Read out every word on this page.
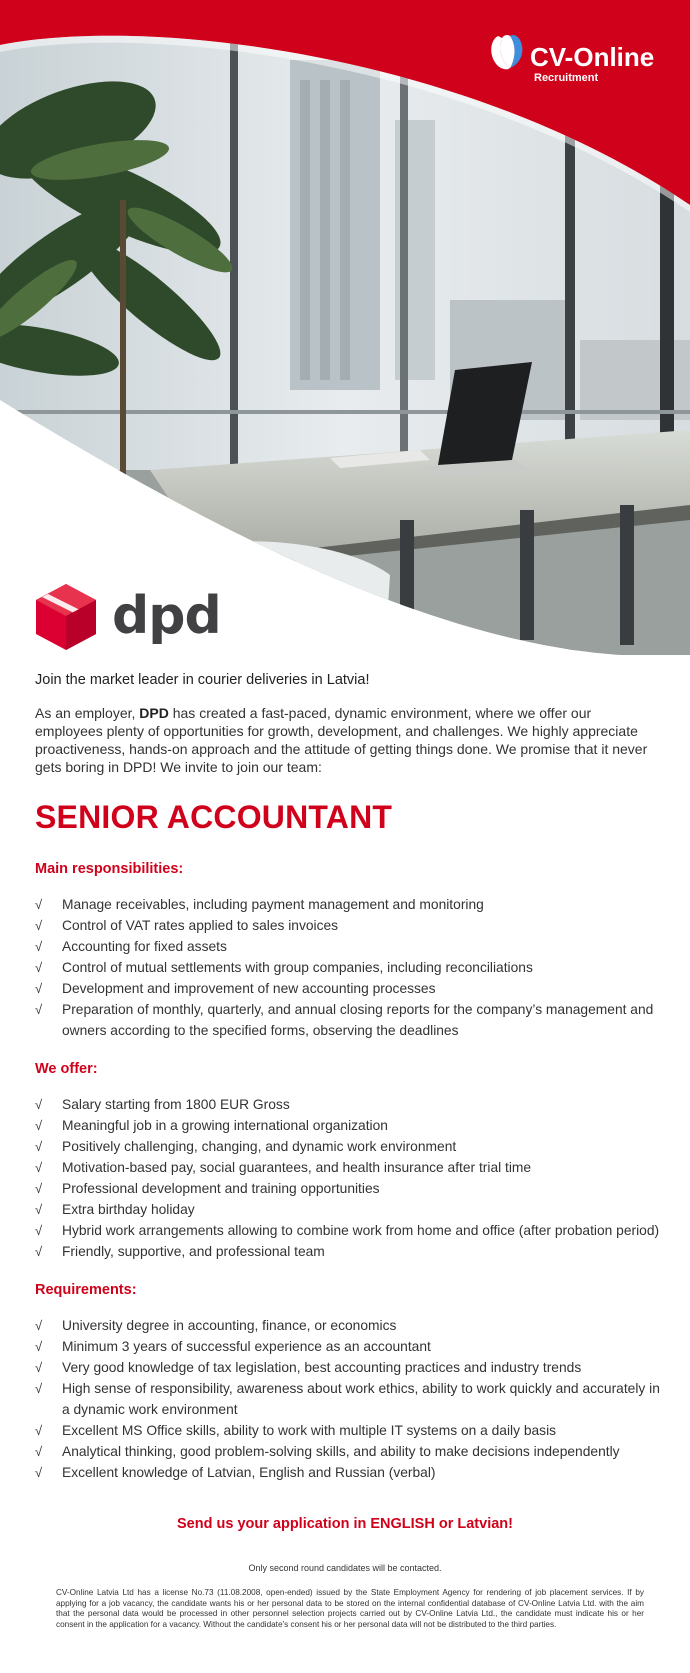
CV-Online
Recruitment
dpd

Join the market leader in courier deliveries in Latvia!

As an employer, DPD has created a fast-paced, dynamic environment, where we offer our employees plenty of opportunities for growth, development, and challenges. We highly appreciate proactiveness, hands-on approach and the attitude of getting things done. We promise that it never gets boring in DPD! We invite to join our team:

SENIOR ACCOUNTANT
Main responsibilities:
√	Manage receivables, including payment management and monitoring
√	Control of VAT rates applied to sales invoices
√	Accounting for fixed assets
√	Control of mutual settlements with group companies, including reconciliations
√	Development and improvement of new accounting processes
√	Preparation of monthly, quarterly, and annual closing reports for the company’s management and owners according to the specified forms, observing the deadlines
We offer:
√	Salary starting from 1800 EUR Gross
√	Meaningful job in a growing international organization
√	Positively challenging, changing, and dynamic work environment
√	Motivation-based pay, social guarantees, and health insurance after trial time
√	Professional development and training opportunities
√	Extra birthday holiday
√	Hybrid work arrangements allowing to combine work from home and office (after probation period)
√	Friendly, supportive, and professional team
Requirements:
√	University degree in accounting, finance, or economics
√	Minimum 3 years of successful experience as an accountant
√	Very good knowledge of tax legislation, best accounting practices and industry trends
√	High sense of responsibility, awareness about work ethics, ability to work quickly and accurately in a dynamic work environment
√	Excellent MS Office skills, ability to work with multiple IT systems on a daily basis
√	Analytical thinking, good problem-solving skills, and ability to make decisions independently
√	Excellent knowledge of Latvian, English and Russian (verbal)
Send us your application in ENGLISH or Latvian!
Only second round candidates will be contacted.
CV-Online Latvia Ltd has a license No.73 (11.08.2008, open-ended) issued by the State Employment Agency for rendering of job placement services. If by applying for a job vacancy, the candidate wants his or her personal data to be stored on the internal confidential database of CV-Online Latvia Ltd. with the aim that the personal data would be processed in other personnel selection projects carried out by CV-Online Latvia Ltd., the candidate must indicate his or her consent in the application for a vacancy. Without the candidate’s consent his or her personal data will not be distributed to the third parties.
